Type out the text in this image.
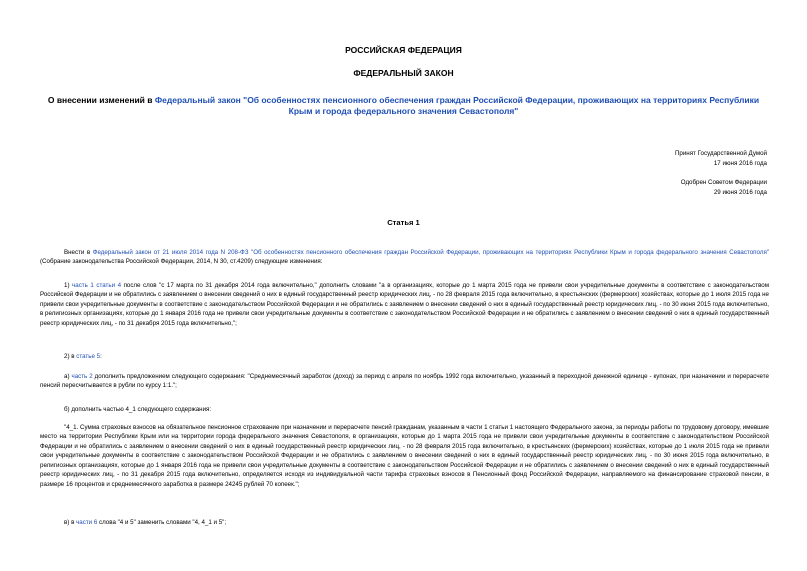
РОССИЙСКАЯ ФЕДЕРАЦИЯ
ФЕДЕРАЛЬНЫЙ ЗАКОН
О внесении изменений в Федеральный закон "Об особенностях пенсионного обеспечения граждан Российской Федерации, проживающих на территориях Республики Крым и города федерального значения Севастополя"
Принят Государственной Думой
17 июня 2016 года
Одобрен Советом Федерации
29 июня 2016 года
Статья 1
Внести в Федеральный закон от 21 июля 2014 года N 208-ФЗ "Об особенностях пенсионного обеспечения граждан Российской Федерации, проживающих на территориях Республики Крым и города федерального значения Севастополя" (Собрание законодательства Российской Федерации, 2014, N 30, ст.4209) следующие изменения:
1) часть 1 статьи 4 после слов "с 17 марта по 31 декабря 2014 года включительно," дополнить словами "а в организациях, которые до 1 марта 2015 года не привели свои учредительные документы в соответствие с законодательством Российской Федерации и не обратились с заявлением о внесении сведений о них в единый государственный реестр юридических лиц, - по 28 февраля 2015 года включительно, в крестьянских (фермерских) хозяйствах, которые до 1 июля 2015 года не привели свои учредительные документы в соответствие с законодательством Российской Федерации и не обратились с заявлением о внесении сведений о них в единый государственный реестр юридических лиц, - по 30 июня 2015 года включительно, в религиозных организациях, которые до 1 января 2016 года не привели свои учредительные документы в соответствие с законодательством Российской Федерации и не обратились с заявлением о внесении сведений о них в единый государственный реестр юридических лиц, - по 31 декабря 2015 года включительно,";
2) в статье 5:
а) часть 2 дополнить предложением следующего содержания: "Среднемесячный заработок (доход) за период с апреля по ноябрь 1992 года включительно, указанный в переходной денежной единице - купонах, при назначении и перерасчете пенсий пересчитывается в рубли по курсу 1:1.";
б) дополнить частью 4_1 следующего содержания:
"4_1. Сумма страховых взносов на обязательное пенсионное страхование при назначении и перерасчете пенсий гражданам, указанным в части 1 статьи 1 настоящего Федерального закона, за периоды работы по трудовому договору, имевшие место на территории Республики Крым или на территории города федерального значения Севастополя, в организациях, которые до 1 марта 2015 года не привели свои учредительные документы в соответствие с законодательством Российской Федерации и не обратились с заявлением о внесении сведений о них в единый государственный реестр юридических лиц, - по 28 февраля 2015 года включительно, в крестьянских (фермерских) хозяйствах, которые до 1 июля 2015 года не привели свои учредительные документы в соответствие с законодательством Российской Федерации и не обратились с заявлением о внесении сведений о них в единый государственный реестр юридических лиц, - по 30 июня 2015 года включительно, в религиозных организациях, которые до 1 января 2016 года не привели свои учредительные документы в соответствие с законодательством Российской Федерации и не обратились с заявлением о внесении сведений о них в единый государственный реестр юридических лиц, - по 31 декабря 2015 года включительно, определяется исходя из индивидуальной части тарифа страховых взносов в Пенсионный фонд Российской Федерации, направляемого на финансирование страховой пенсии, в размере 16 процентов и среднемесячного заработка в размере 24245 рублей 70 копеек.";
в) в части 6 слова "4 и 5" заменить словами "4, 4_1 и 5";
